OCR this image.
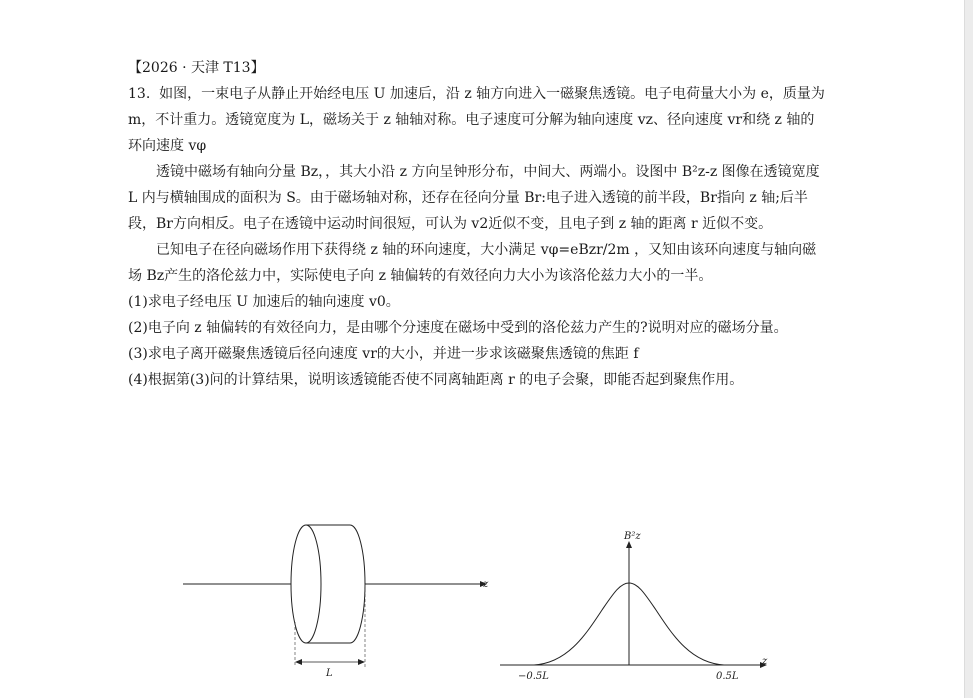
【2026 · 天津 T13】

13. 如图，一束电子从静止开始经电压 U 加速后，沿 z 轴方向进入一磁聚焦透镜。电子电荷量大小为 e，质量为 m，不计重力。透镜宽度为 L，磁场关于 z 轴轴对称。电子速度可分解为轴向速度 vz、径向速度 vr和绕 z 轴的环向速度 vφ

透镜中磁场有轴向分量 Bz，，其大小沿 z 方向呈钟形分布，中间大、两端小。设图中 B²z-z 图像在透镜宽度 L 内与横轴围成的面积为 S。由于磁场轴对称，还存在径向分量 Br:电子进入透镜的前半段，Br指向 z 轴;后半段，Br方向相反。电子在透镜中运动时间很短，可认为 v2近似不变，且电子到 z 轴的距离 r 近似不变。

已知电子在径向磁场作用下获得绕 z 轴的环向速度，大小满足 vφ=eBzr/2m ，又知由该环向速度与轴向磁场 Bz产生的洛伦兹力中，实际使电子向 z 轴偏转的有效径向力大小为该洛伦兹力大小的一半。

(1)求电子经电压 U 加速后的轴向速度 v0。

(2)电子向 z 轴偏转的有效径向力，是由哪个分速度在磁场中受到的洛伦兹力产生的?说明对应的磁场分量。

(3)求电子离开磁聚焦透镜后径向速度 vr的大小，并进一步求该磁聚焦透镜的焦距 f

(4)根据第(3)问的计算结果，说明该透镜能否使不同离轴距离 r 的电子会聚，即能否起到聚焦作用。

z
L
z
B²z
−0.5L	0.5L
